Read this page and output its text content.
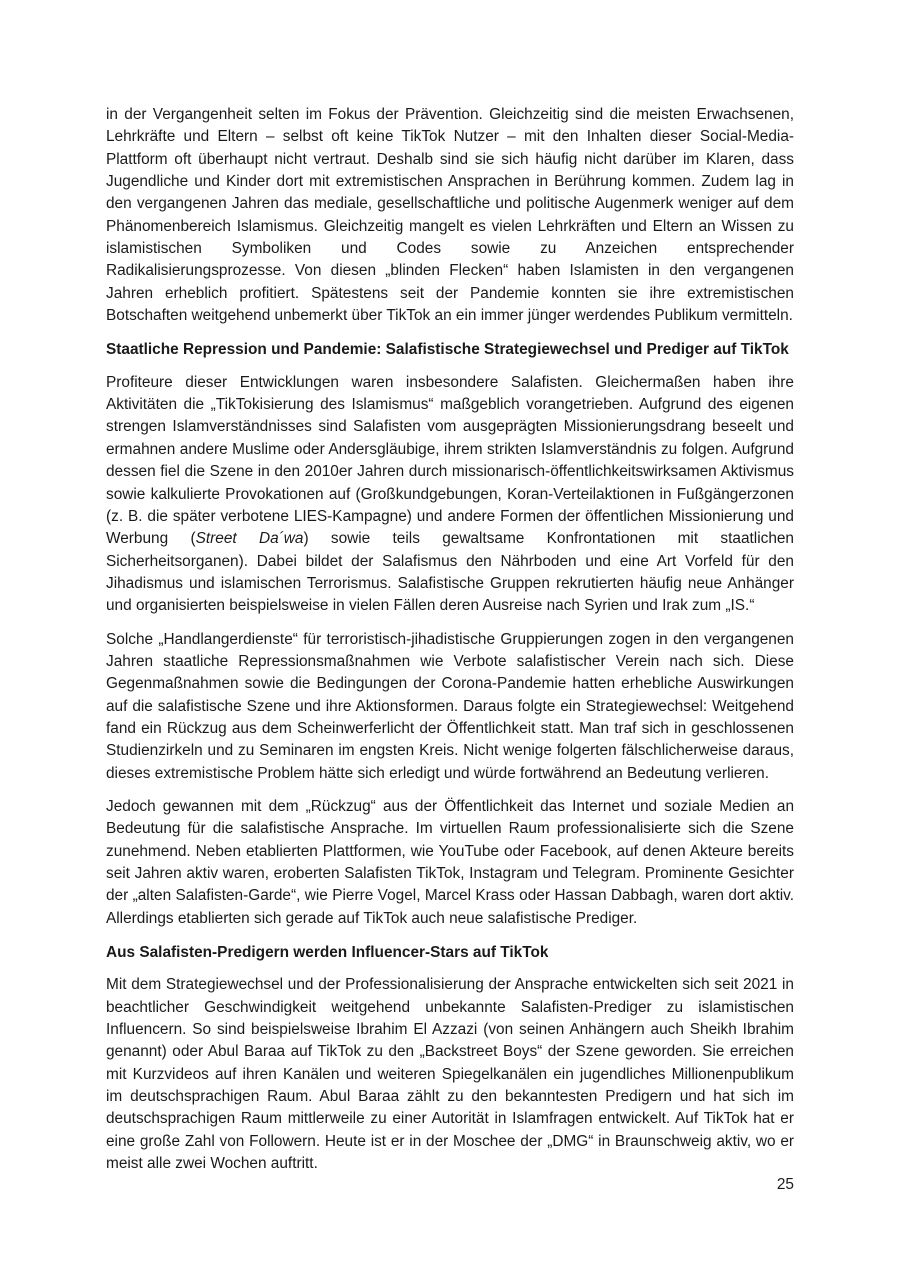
in der Vergangenheit selten im Fokus der Prävention. Gleichzeitig sind die meisten Erwachsenen, Lehrkräfte und Eltern – selbst oft keine TikTok Nutzer – mit den Inhalten dieser Social-Media-Plattform oft überhaupt nicht vertraut. Deshalb sind sie sich häufig nicht darüber im Klaren, dass Jugendliche und Kinder dort mit extremistischen Ansprachen in Berührung kommen. Zudem lag in den vergangenen Jahren das mediale, gesellschaftliche und politische Augenmerk weniger auf dem Phänomenbereich Islamismus. Gleichzeitig mangelt es vielen Lehrkräften und Eltern an Wissen zu islamistischen Symboliken und Codes sowie zu Anzeichen entsprechender Radikalisierungsprozesse. Von diesen „blinden Flecken“ haben Islamisten in den vergangenen Jahren erheblich profitiert. Spätestens seit der Pandemie konnten sie ihre extremistischen Botschaften weitgehend unbemerkt über TikTok an ein immer jünger werdendes Publikum vermitteln.

Staatliche Repression und Pandemie: Salafistische Strategiewechsel und Prediger auf TikTok

Profiteure dieser Entwicklungen waren insbesondere Salafisten. Gleichermaßen haben ihre Aktivitäten die „TikTokisierung des Islamismus“ maßgeblich vorangetrieben. Aufgrund des eigenen strengen Islamverständnisses sind Salafisten vom ausgeprägten Missionierungsdrang beseelt und ermahnen andere Muslime oder Andersgläubige, ihrem strikten Islamverständnis zu folgen. Aufgrund dessen fiel die Szene in den 2010er Jahren durch missionarisch-öffentlichkeitswirksamen Aktivismus sowie kalkulierte Provokationen auf (Großkundgebungen, Koran-Verteilaktionen in Fußgängerzonen (z. B. die später verbotene LIES-Kampagne) und andere Formen der öffentlichen Missionierung und Werbung (Street Da´wa) sowie teils gewaltsame Konfrontationen mit staatlichen Sicherheitsorganen). Dabei bildet der Salafismus den Nährboden und eine Art Vorfeld für den Jihadismus und islamischen Terrorismus. Salafistische Gruppen rekrutierten häufig neue Anhänger und organisierten beispielsweise in vielen Fällen deren Ausreise nach Syrien und Irak zum „IS.“

Solche „Handlangerdienste“ für terroristisch-jihadistische Gruppierungen zogen in den vergangenen Jahren staatliche Repressionsmaßnahmen wie Verbote salafistischer Verein nach sich. Diese Gegenmaßnahmen sowie die Bedingungen der Corona-Pandemie hatten erhebliche Auswirkungen auf die salafistische Szene und ihre Aktionsformen. Daraus folgte ein Strategiewechsel: Weitgehend fand ein Rückzug aus dem Scheinwerferlicht der Öffentlichkeit statt. Man traf sich in geschlossenen Studienzirkeln und zu Seminaren im engsten Kreis. Nicht wenige folgerten fälschlicherweise daraus, dieses extremistische Problem hätte sich erledigt und würde fortwährend an Bedeutung verlieren.

Jedoch gewannen mit dem „Rückzug“ aus der Öffentlichkeit das Internet und soziale Medien an Bedeutung für die salafistische Ansprache. Im virtuellen Raum professionalisierte sich die Szene zunehmend. Neben etablierten Plattformen, wie YouTube oder Facebook, auf denen Akteure bereits seit Jahren aktiv waren, eroberten Salafisten TikTok, Instagram und Telegram. Prominente Gesichter der „alten Salafisten-Garde“, wie Pierre Vogel, Marcel Krass oder Hassan Dabbagh, waren dort aktiv. Allerdings etablierten sich gerade auf TikTok auch neue salafistische Prediger.

Aus Salafisten-Predigern werden Influencer-Stars auf TikTok

Mit dem Strategiewechsel und der Professionalisierung der Ansprache entwickelten sich seit 2021 in beachtlicher Geschwindigkeit weitgehend unbekannte Salafisten-Prediger zu islamistischen Influencern. So sind beispielsweise Ibrahim El Azzazi (von seinen Anhängern auch Sheikh Ibrahim genannt) oder Abul Baraa auf TikTok zu den „Backstreet Boys“ der Szene geworden. Sie erreichen mit Kurzvideos auf ihren Kanälen und weiteren Spiegelkanälen ein jugendliches Millionenpublikum im deutschsprachigen Raum. Abul Baraa zählt zu den bekanntesten Predigern und hat sich im deutschsprachigen Raum mittlerweile zu einer Autorität in Islamfragen entwickelt. Auf TikTok hat er eine große Zahl von Followern. Heute ist er in der Moschee der „DMG“ in Braunschweig aktiv, wo er meist alle zwei Wochen auftritt.

25
